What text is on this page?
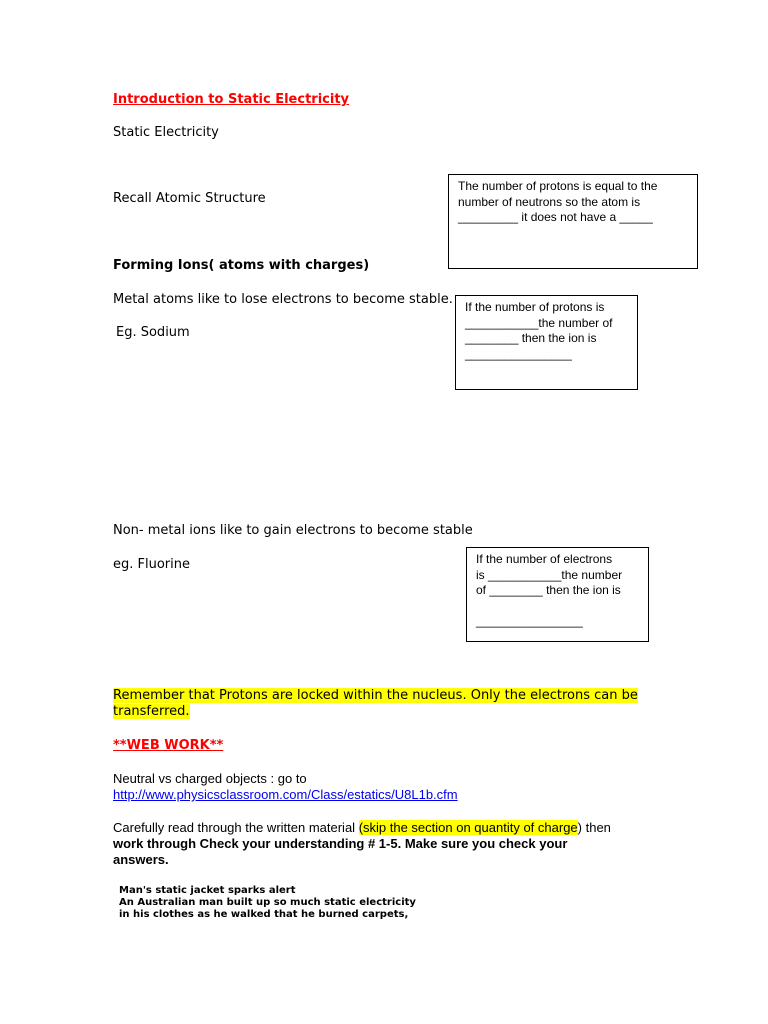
Introduction to Static Electricity
Static Electricity
Recall Atomic Structure
The number of protons is equal to the
number of neutrons so the atom is
_________ it does not have a _____
Forming Ions( atoms with charges)
Metal atoms like to lose electrons to become stable.
Eg. Sodium
If the number of protons is
___________the number of
________ then the ion is
________________
Non- metal ions like to gain electrons to become stable
eg. Fluorine	If the number of electrons
is ___________the number
of ________ then the ion is
________________
Remember that Protons are locked within the nucleus. Only the electrons can be
transferred.
**WEB WORK**
Neutral vs charged objects : go to
http://www.physicsclassroom.com/Class/estatics/U8L1b.cfm
Carefully read through the written material (skip the section on quantity of charge) then
work through Check your understanding # 1-5. Make sure you check your
answers.
Man's static jacket sparks alert
An Australian man built up so much static electricity
in his clothes as he walked that he burned carpets,
